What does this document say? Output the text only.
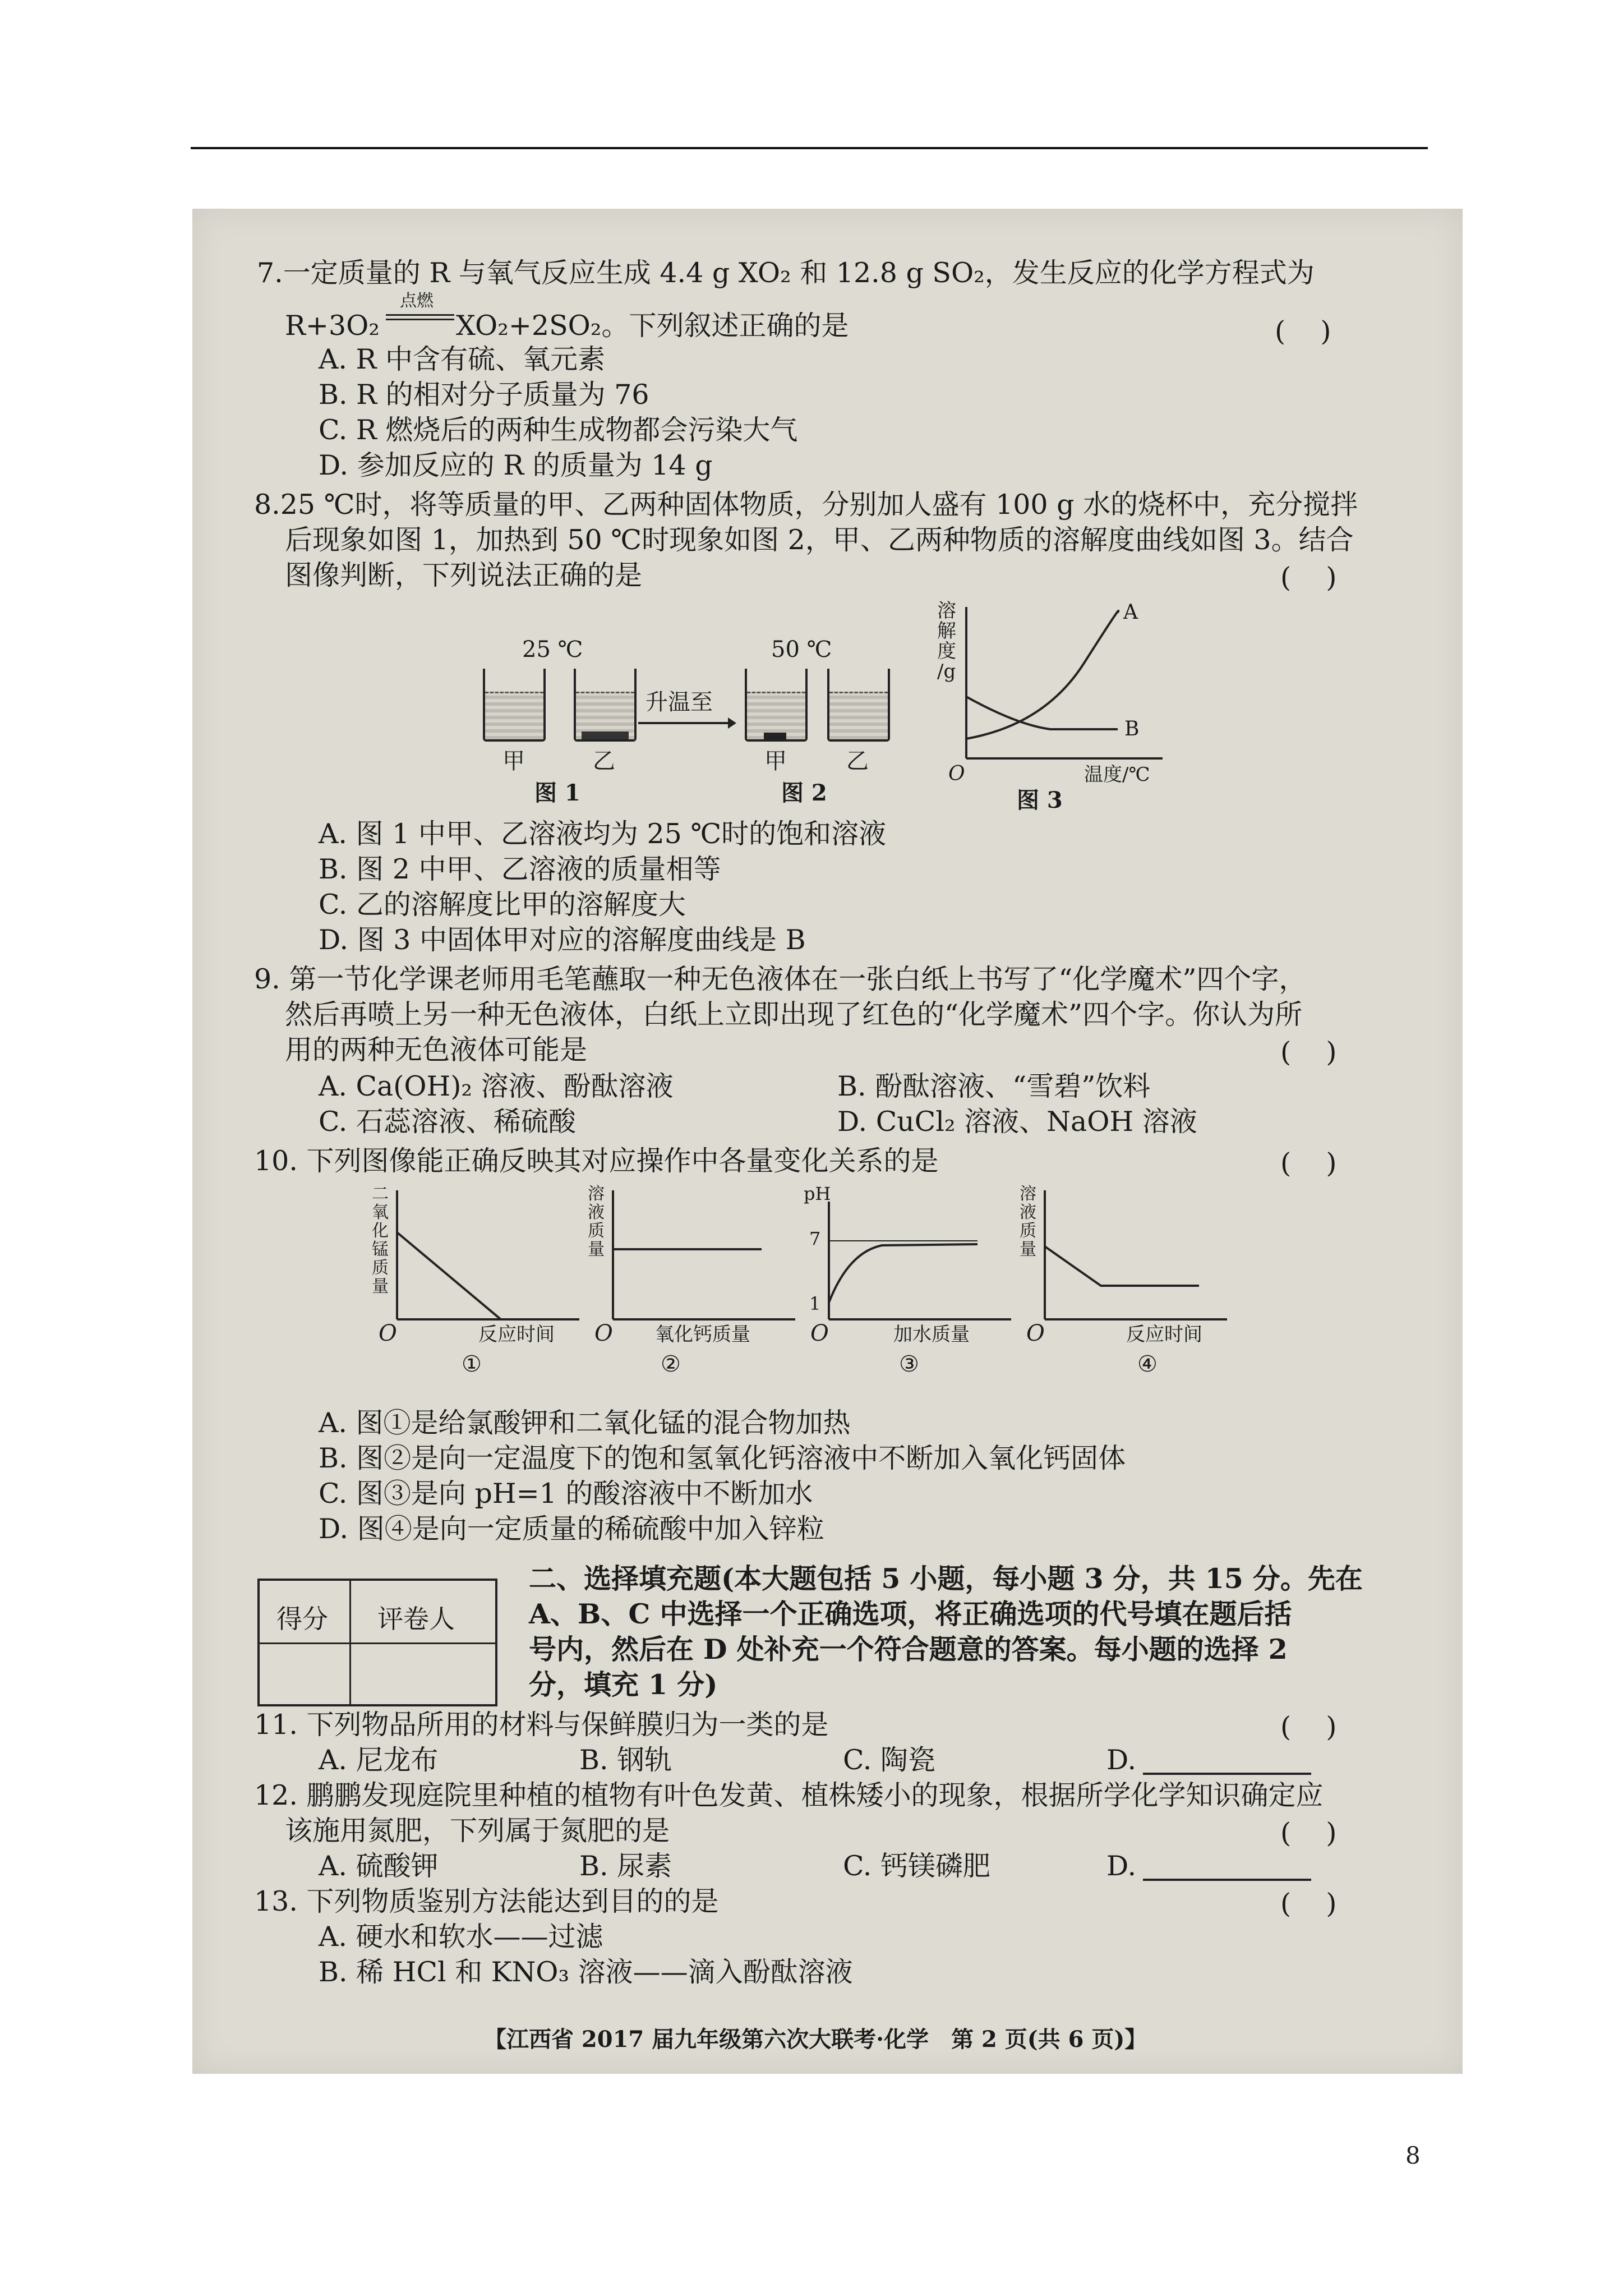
7.一定质量的 R 与氧气反应生成 4.4 g XO₂ 和 12.8 g SO₂，发生反应的化学方程式为
R+3O₂
点燃
XO₂+2SO₂。下列叙述正确的是	(    )
A. R 中含有硫、氧元素
B. R 的相对分子质量为 76
C. R 燃烧后的两种生成物都会污染大气
D. 参加反应的 R 的质量为 14 g
8.25 ℃时，将等质量的甲、乙两种固体物质，分别加人盛有 100 g 水的烧杯中，充分搅拌
后现象如图 1，加热到 50 ℃时现象如图 2，甲、乙两种物质的溶解度曲线如图 3。结合
图像判断，下列说法正确的是	(    )
25 ℃
甲	乙
图 1
升温至
50 ℃
甲	乙
图 2
溶
解
度
/g
A
B
O	温度/℃
图 3
A. 图 1 中甲、乙溶液均为 25 ℃时的饱和溶液
B. 图 2 中甲、乙溶液的质量相等
C. 乙的溶解度比甲的溶解度大
D. 图 3 中固体甲对应的溶解度曲线是 B
9. 第一节化学课老师用毛笔蘸取一种无色液体在一张白纸上书写了“化学魔术”四个字，
然后再喷上另一种无色液体，白纸上立即出现了红色的“化学魔术”四个字。你认为所
用的两种无色液体可能是	(    )
A. Ca(OH)₂ 溶液、酚酞溶液	B. 酚酞溶液、“雪碧”饮料
C. 石蕊溶液、稀硫酸	D. CuCl₂ 溶液、NaOH 溶液
10. 下列图像能正确反映其对应操作中各量变化关系的是	(    )
二氧化锰质量
O	反应时间
①
溶液质量
O 氧化钙质量
②
pH
7
1
O	加水质量
③
溶液质量
O	反应时间
④
A. 图①是给氯酸钾和二氧化锰的混合物加热
B. 图②是向一定温度下的饱和氢氧化钙溶液中不断加入氧化钙固体
C. 图③是向 pH=1 的酸溶液中不断加水
D. 图④是向一定质量的稀硫酸中加入锌粒
二、选择填充题(本大题包括 5 小题，每小题 3 分，共 15 分。先在
A、B、C 中选择一个正确选项，将正确选项的代号填在题后括
号内，然后在 D 处补充一个符合题意的答案。每小题的选择 2
分，填充 1 分)
11. 下列物品所用的材料与保鲜膜归为一类的是	(    )
A. 尼龙布	B. 钢轨	C. 陶瓷	D.
12. 鹏鹏发现庭院里种植的植物有叶色发黄、植株矮小的现象，根据所学化学知识确定应
该施用氮肥，下列属于氮肥的是	(    )
A. 硫酸钾	B. 尿素	C. 钙镁磷肥	D.
13. 下列物质鉴别方法能达到目的的是	(    )
A. 硬水和软水——过滤
B. 稀 HCl 和 KNO₃ 溶液——滴入酚酞溶液
【江西省 2017 届九年级第六次大联考·化学　第 2 页(共 6 页)】
得分 评卷人
8
